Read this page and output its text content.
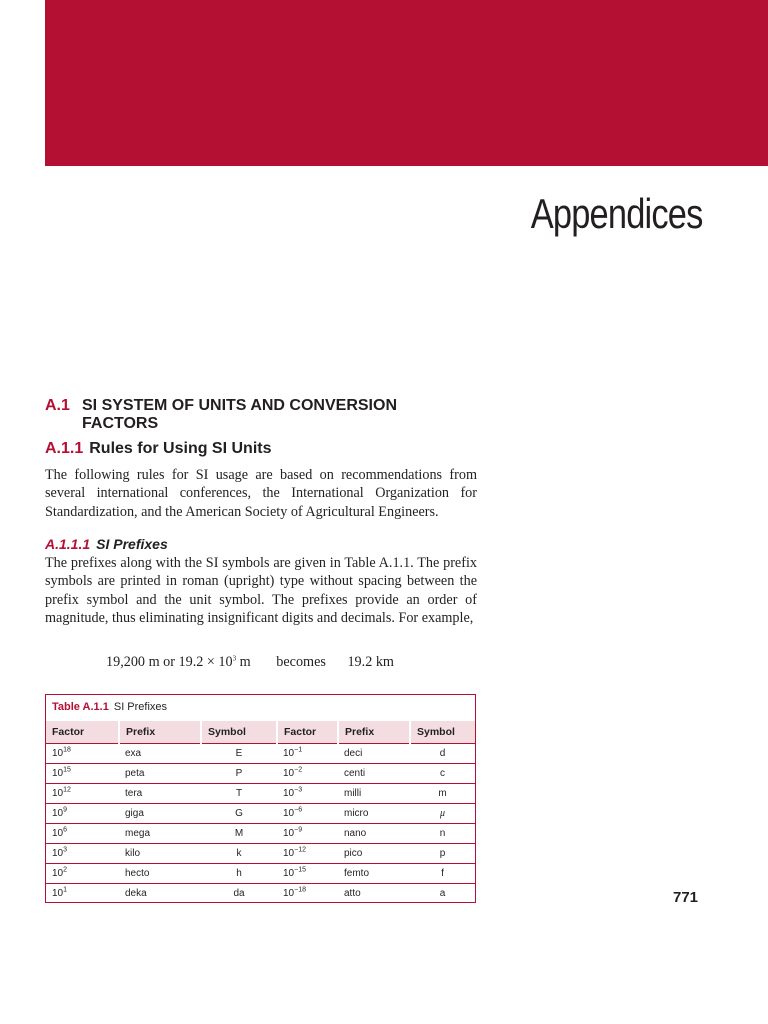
Appendices
A.1 SI SYSTEM OF UNITS AND CONVERSION FACTORS
A.1.1 Rules for Using SI Units

The following rules for SI usage are based on recommendations from several international conferences, the International Organization for Standardization, and the American Society of Agricultural Engineers.

A.1.1.1 SI Prefixes

The prefixes along with the SI symbols are given in Table A.1.1. The prefix symbols are printed in roman (upright) type without spacing between the prefix symbol and the unit symbol. The prefixes provide an order of magnitude, thus eliminating insignificant digits and decimals. For example,

19,200 m or $19.2 \times 10^3$ m becomes 19.2 km
Table A.1.1 SI Prefixes
Factor	Prefix	Symbol	Factor	Prefix	Symbol
$10^{18}$	exa	E	$10^{-1}$	deci	d
$10^{15}$	peta	P	$10^{-2}$	centi	c
$10^{12}$	tera	T	$10^{-3}$	milli	m
$10^9$	giga	G	$10^{-6}$	micro	μ
$10^6$	mega	M	$10^{-9}$	nano	n
$10^3$	kilo	k	$10^{-12}$	pico	p
$10^2$	hecto	h	$10^{-15}$	femto	f
$10^1$	deka	da	$10^{-18}$	atto	a	771
